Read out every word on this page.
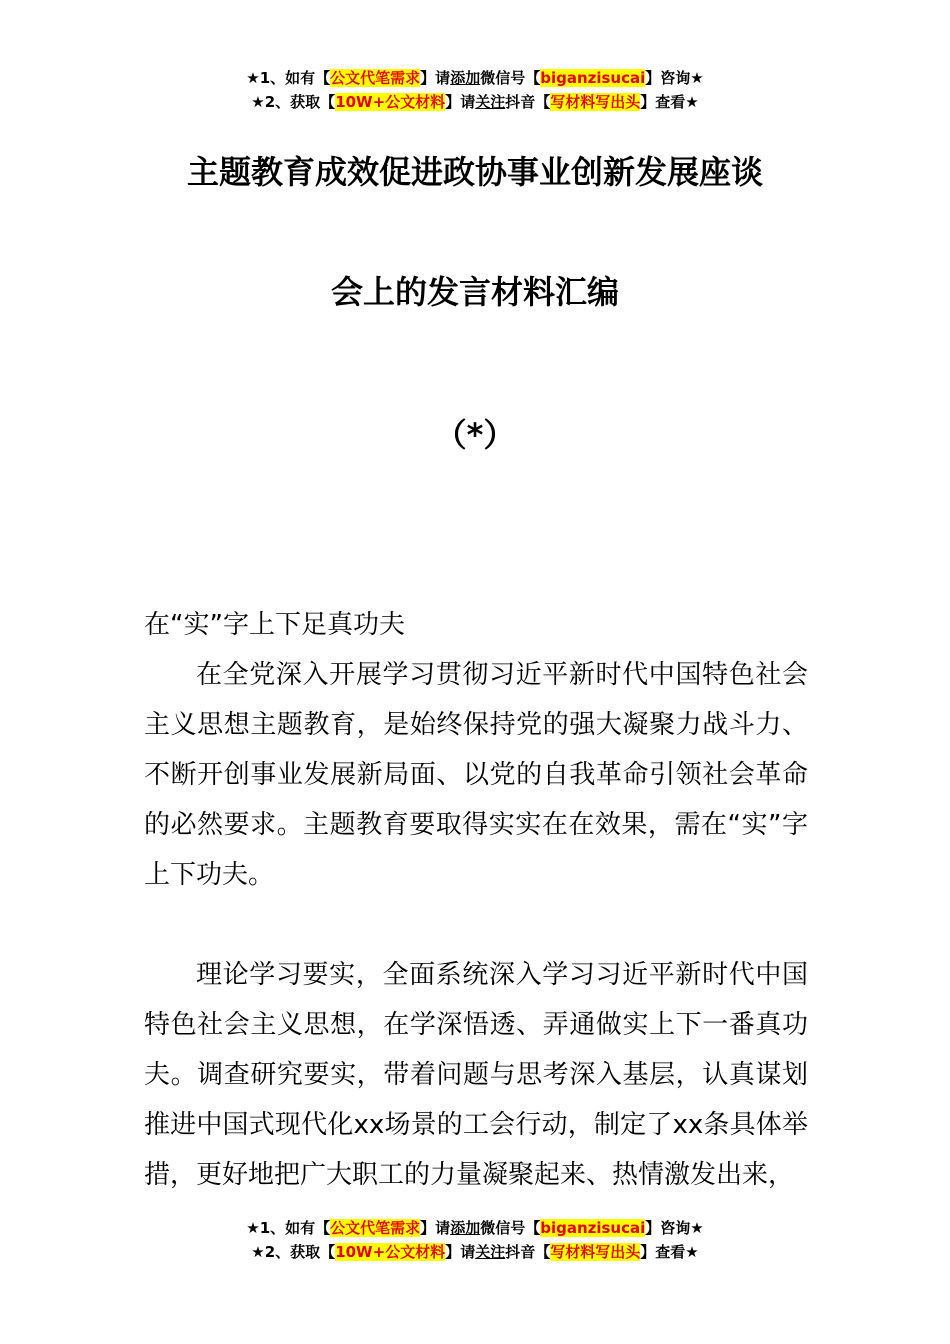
★1、如有【公文代笔需求】请添加微信号【biganzisucai】咨询★
★2、获取【10W+公文材料】请关注抖音【写材料写出头】查看★
主题教育成效促进政协事业创新发展座谈
会上的发言材料汇编
（*）

在“实”字上下足真功夫

在全党深入开展学习贯彻习近平新时代中国特色社会主义思想主题教育，是始终保持党的强大凝聚力战斗力、不断开创事业发展新局面、以党的自我革命引领社会革命的必然要求。主题教育要取得实实在在效果，需在“实”字上下功夫。

理论学习要实，全面系统深入学习习近平新时代中国特色社会主义思想，在学深悟透、弄通做实上下一番真功夫。调查研究要实，带着问题与思考深入基层，认真谋划推进中国式现代化xx场景的工会行动，制定了xx条具体举措，更好地把广大职工的力量凝聚起来、热情激发出来，

★1、如有【公文代笔需求】请添加微信号【biganzisucai】咨询★
★2、获取【10W+公文材料】请关注抖音【写材料写出头】查看★
